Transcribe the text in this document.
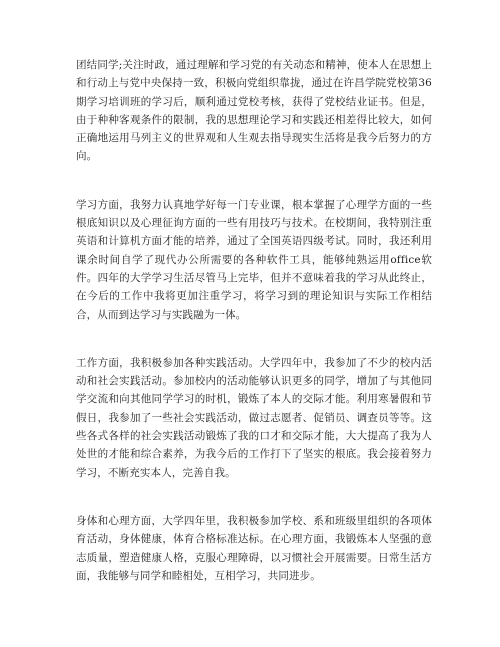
团结同学;关注时政，通过理解和学习党的有关动态和精神，使本人在思想上和行动上与党中央保持一致，积极向党组织靠拢，通过在许昌学院党校第36期学习培训班的学习后，顺利通过党校考核，获得了党校结业证书。但是，由于种种客观条件的限制，我的思想理论学习和实践还相差得比较大，如何正确地运用马列主义的世界观和人生观去指导现实生活将是我今后努力的方向。

学习方面，我努力认真地学好每一门专业课，根本掌握了心理学方面的一些根底知识以及心理征询方面的一些有用技巧与技术。在校期间，我特别注重英语和计算机方面才能的培养，通过了全国英语四级考试。同时，我还利用课余时间自学了现代办公所需要的各种软件工具，能够纯熟运用office软件。四年的大学学习生活尽管马上完毕，但并不意味着我的学习从此终止，在今后的工作中我将更加注重学习，将学习到的理论知识与实际工作相结合，从而到达学习与实践融为一体。

工作方面，我积极参加各种实践活动。大学四年中，我参加了不少的校内活动和社会实践活动。参加校内的活动能够认识更多的同学，增加了与其他同学交流和向其他同学学习的时机，锻炼了本人的交际才能。利用寒暑假和节假日，我参加了一些社会实践活动，做过志愿者、促销员、调查员等等。这些各式各样的社会实践活动锻炼了我的口才和交际才能，大大提高了我为人处世的才能和综合素养，为我今后的工作打下了坚实的根底。我会接着努力学习，不断充实本人，完善自我。

身体和心理方面，大学四年里，我积极参加学校、系和班级里组织的各项体育活动，身体健康，体育合格标准达标。在心理方面，我锻炼本人坚强的意志质量，塑造健康人格，克服心理障碍，以习惯社会开展需要。日常生活方面，我能够与同学和睦相处，互相学习，共同进步。
